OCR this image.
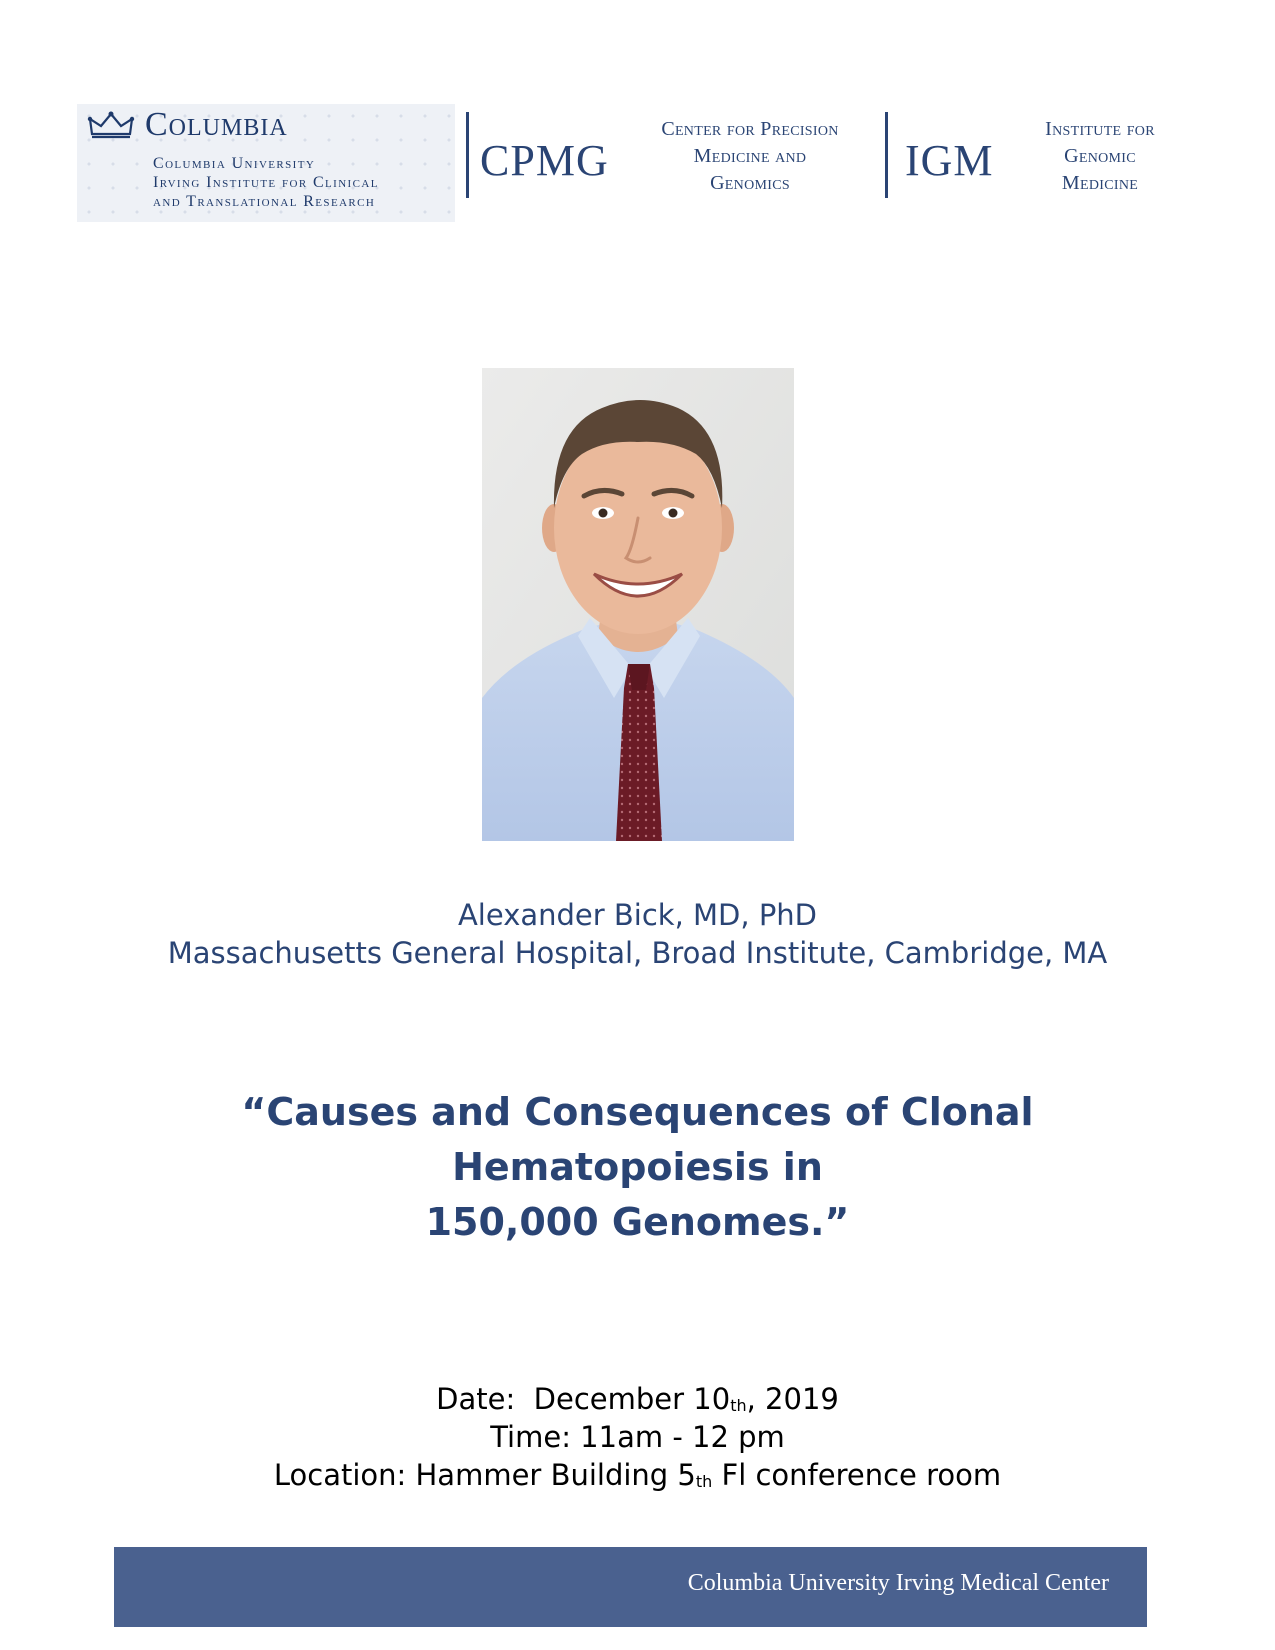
Columbia
Columbia University
Irving Institute for Clinical
and Translational Research
CPMG
Center for Precision
Medicine and
Genomics	IGM
Institute for
Genomic
Medicine
Alexander Bick, MD, PhD
Massachusetts General Hospital, Broad Institute, Cambridge, MA
“Causes and Consequences of Clonal Hematopoiesis in
150,000 Genomes.”
Date: December $10_{th}$, 2019
Time: 11am - 12 pm
Location: Hammer Building $5_{th}$ Fl conference room
Columbia University Irving Medical Center
